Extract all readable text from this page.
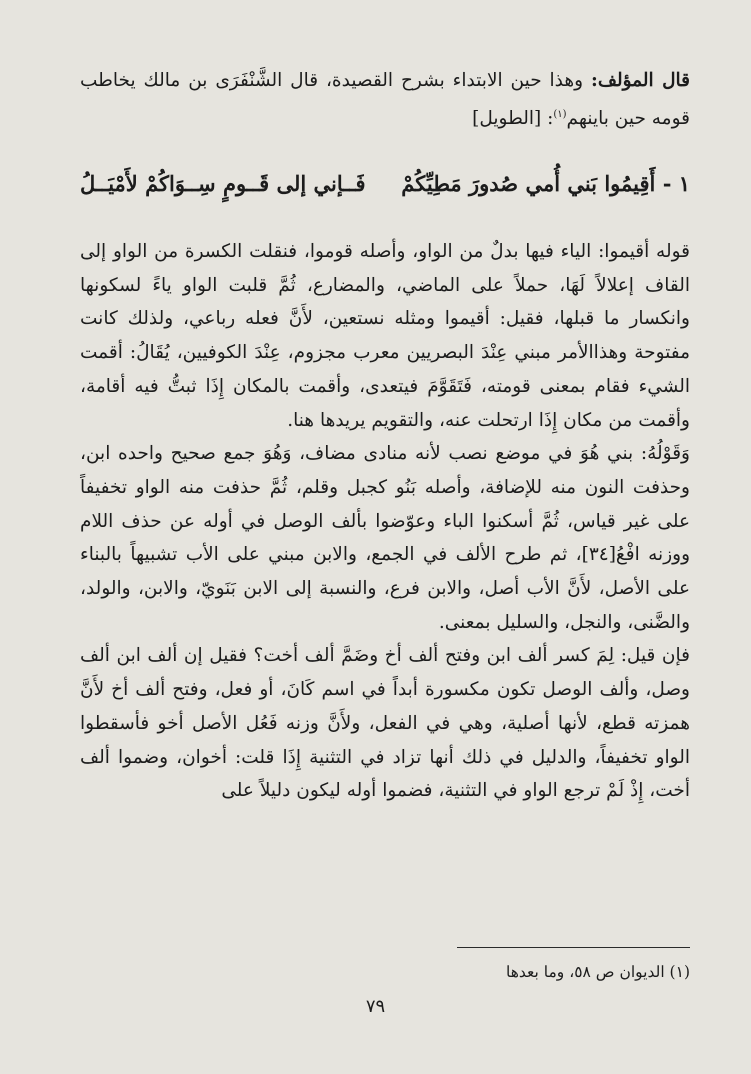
قال المؤلف: وهذا حين الابتداء بشرح القصيدة، قال الشَّنْفَرَى بن مالك يخاطب قومه حين باينهم$^{(١)}$: [الطويل]

١ - أَقِيمُوا بَني أُمي صُدورَ مَطِيِّكُمْ
فَــإني إلى قَــومٍ سِــوَاكُمْ لأَمْيَــلُ

قوله أقيموا: الياء فيها بدلٌ من الواو، وأصله قوموا، فنقلت الكسرة من الواو إلى القاف إعلالاً لَهَا، حملاً على الماضي، والمضارع، ثُمَّ قلبت الواو ياءً لسكونها وانكسار ما قبلها، فقيل: أقيموا ومثله نستعين، لأَنَّ فعله رباعي، ولذلك كانت مفتوحة وهذاالأمر مبني عِنْدَ البصريين معرب مجزوم، عِنْدَ الكوفيين، يُقَالُ: أقمت الشيء فقام بمعنى قومته، فَتَقَوَّمَ فيتعدى، وأقمت بالمكان إِذَا ثبتُّ فيه أقامة، وأقمت من مكان إِذَا ارتحلت عنه، والتقويم يريدها هنا.

وَقَوْلُهُ: بني هُوَ في موضع نصب لأنه منادى مضاف، وَهُوَ جمع صحيح واحده ابن، وحذفت النون منه للإضافة، وأصله بَنُو كجبل وقلم، ثُمَّ حذفت منه الواو تخفيفاً على غير قياس، ثُمَّ أسكنوا الباء وعوّضوا بألف الوصل في أوله عن حذف اللام ووزنه افْعُ[٣٤]، ثم طرح الألف في الجمع، والابن مبني على الأب تشبيهاً بالبناء على الأصل، لأَنَّ الأب أصل، والابن فرع، والنسبة إلى الابن بَنَويّ، والابن، والولد، والضَّنى، والنجل، والسليل بمعنى.

فإن قيل: لِمَ كسر ألف ابن وفتح ألف أخ وضَمَّ ألف أخت؟ فقيل إن ألف ابن ألف وصل، وألف الوصل تكون مكسورة أبداً في اسم كَانَ، أو فعل، وفتح ألف أخ لأَنَّ همزته قطع، لأنها أصلية، وهي في الفعل، ولأَنَّ وزنه فَعُل الأصل أخو فأسقطوا الواو تخفيفاً، والدليل في ذلك أنها تزاد في التثنية إِذَا قلت: أخوان، وضموا ألف أخت، إِذْ لَمْ ترجع الواو في التثنية، فضموا أوله ليكون دليلاً على

(١) الديوان ص ٥٨، وما بعدها
٧٩
